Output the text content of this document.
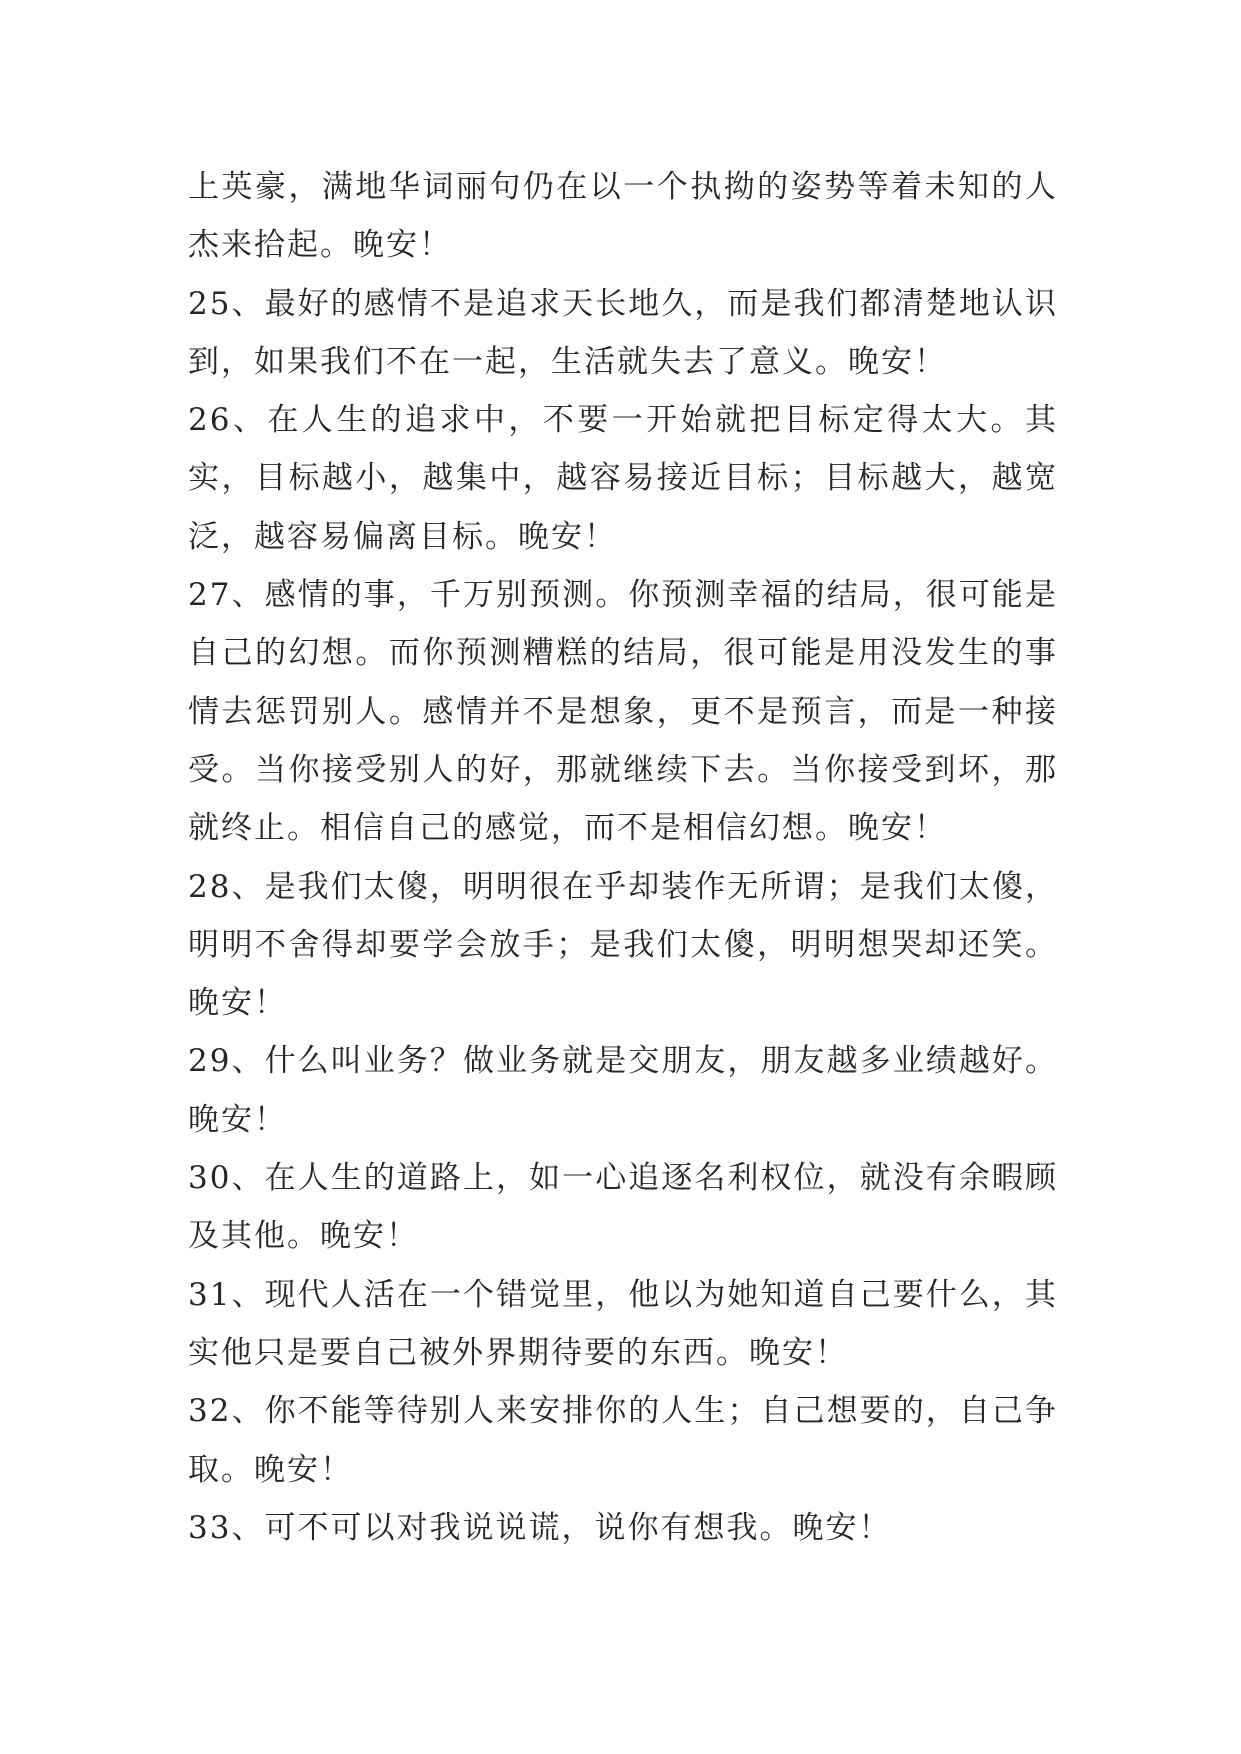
上英豪，满地华词丽句仍在以一个执拗的姿势等着未知的人杰来拾起。晚安！

25、最好的感情不是追求天长地久，而是我们都清楚地认识到，如果我们不在一起，生活就失去了意义。晚安！

26、在人生的追求中，不要一开始就把目标定得太大。其实，目标越小，越集中，越容易接近目标；目标越大，越宽泛，越容易偏离目标。晚安！

27、感情的事，千万别预测。你预测幸福的结局，很可能是自己的幻想。而你预测糟糕的结局，很可能是用没发生的事情去惩罚别人。感情并不是想象，更不是预言，而是一种接受。当你接受别人的好，那就继续下去。当你接受到坏，那就终止。相信自己的感觉，而不是相信幻想。晚安！

28、是我们太傻，明明很在乎却装作无所谓；是我们太傻，明明不舍得却要学会放手；是我们太傻，明明想哭却还笑。晚安！

29、什么叫业务？做业务就是交朋友，朋友越多业绩越好。晚安！

30、在人生的道路上，如一心追逐名利权位，就没有余暇顾及其他。晚安！

31、现代人活在一个错觉里，他以为她知道自己要什么，其实他只是要自己被外界期待要的东西。晚安！

32、你不能等待别人来安排你的人生；自己想要的，自己争取。晚安！

33、可不可以对我说说谎，说你有想我。晚安！
